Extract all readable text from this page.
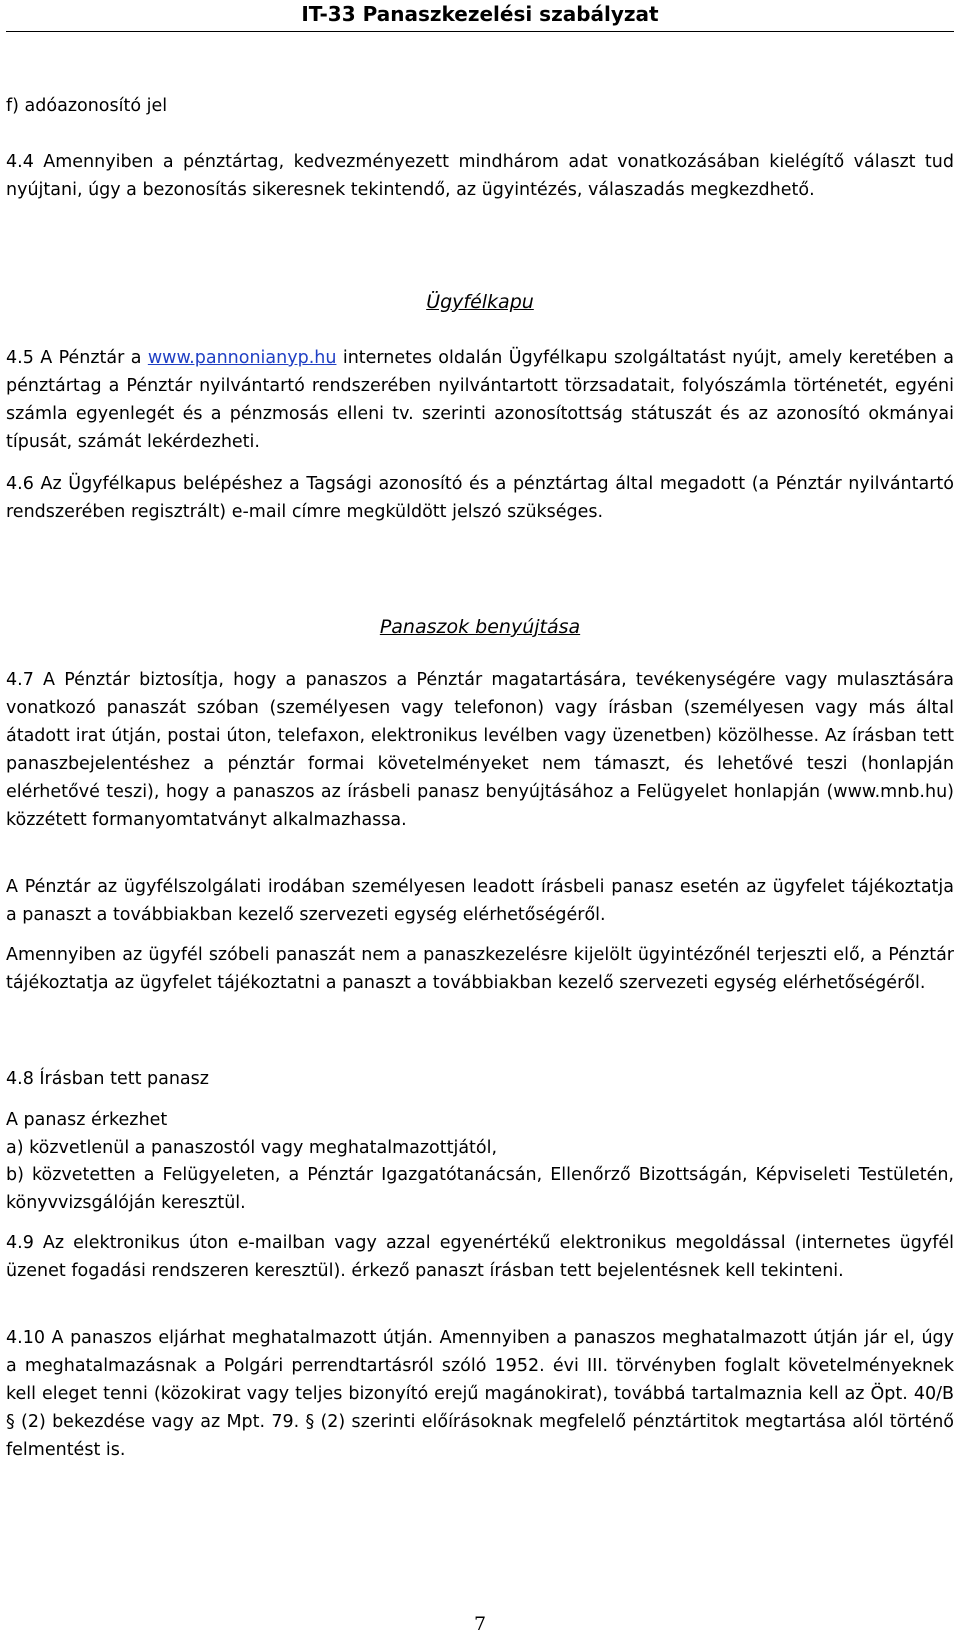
IT-33 Panaszkezelési szabályzat
f) adóazonosító jel
4.4 Amennyiben a pénztártag, kedvezményezett mindhárom adat vonatkozásában kielégítő választ tud nyújtani, úgy a bezonosítás sikeresnek tekintendő, az ügyintézés, válaszadás megkezdhető.

Ügyfélkapu

4.5 A Pénztár a www.pannonianyp.hu internetes oldalán Ügyfélkapu szolgáltatást nyújt, amely keretében a pénztártag a Pénztár nyilvántartó rendszerében nyilvántartott törzsadatait, folyószámla történetét, egyéni számla egyenlegét és a pénzmosás elleni tv. szerinti azonosítottság státuszát és az azonosító okmányai típusát, számát lekérdezheti.
4.6 Az Ügyfélkapus belépéshez a Tagsági azonosító és a pénztártag által megadott (a Pénztár nyilvántartó rendszerében regisztrált) e-mail címre megküldött jelszó szükséges.

Panaszok benyújtása

4.7 A Pénztár biztosítja, hogy a panaszos a Pénztár magatartására, tevékenységére vagy mulasztására vonatkozó panaszát szóban (személyesen vagy telefonon) vagy írásban (személyesen vagy más által átadott irat útján, postai úton, telefaxon, elektronikus levélben vagy üzenetben) közölhesse. Az írásban tett panaszbejelentéshez a pénztár formai követelményeket nem támaszt, és lehetővé teszi (honlapján elérhetővé teszi), hogy a panaszos az írásbeli panasz benyújtásához a Felügyelet honlapján (www.mnb.hu) közzétett formanyomtatványt alkalmazhassa.
A Pénztár az ügyfélszolgálati irodában személyesen leadott írásbeli panasz esetén az ügyfelet tájékoztatja a panaszt a továbbiakban kezelő szervezeti egység elérhetőségéről.
Amennyiben az ügyfél szóbeli panaszát nem a panaszkezelésre kijelölt ügyintézőnél terjeszti elő, a Pénztár tájékoztatja az ügyfelet tájékoztatni a panaszt a továbbiakban kezelő szervezeti egység elérhetőségéről.
4.8 Írásban tett panasz
A panasz érkezhet
a) közvetlenül a panaszostól vagy meghatalmazottjától,
b) közvetetten a Felügyeleten, a Pénztár Igazgatótanácsán, Ellenőrző Bizottságán, Képviseleti Testületén, könyvvizsgálóján keresztül.
4.9 Az elektronikus úton e-mailban vagy azzal egyenértékű elektronikus megoldással (internetes ügyfél üzenet fogadási rendszeren keresztül). érkező panaszt írásban tett bejelentésnek kell tekinteni.
4.10 A panaszos eljárhat meghatalmazott útján. Amennyiben a panaszos meghatalmazott útján jár el, úgy a meghatalmazásnak a Polgári perrendtartásról szóló 1952. évi III. törvényben foglalt követelményeknek kell eleget tenni (közokirat vagy teljes bizonyító erejű magánokirat), továbbá tartalmaznia kell az Öpt. 40/B § (2) bekezdése vagy az Mpt. 79. § (2) szerinti előírásoknak megfelelő pénztártitok megtartása alól történő felmentést is.
7
